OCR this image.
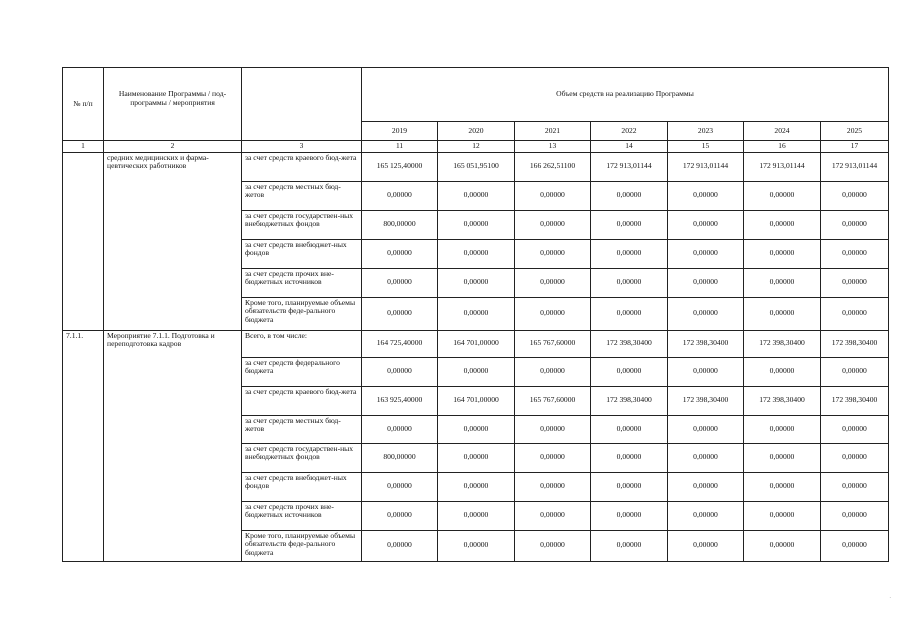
№ п/п	Наименование Программы / под-программы / мероприятия		Объем средств на реализацию Программы						
			2019	2020	2021	2022	2023	2024	2025
1	2	3	11	12	13	14	15	16	17
	средних медицинских и фарма-цевтических работников	за счет средств краевого бюд-жета	165 125,40000	165 051,95100	166 262,51100	172 913,01144	172 913,01144	172 913,01144	172 913,01144
		за счет средств местных бюд-жетов	0,00000	0,00000	0,00000	0,00000	0,00000	0,00000	0,00000
		за счет средств государствен-ных внебюджетных фондов	800,00000	0,00000	0,00000	0,00000	0,00000	0,00000	0,00000
		за счет средств внебюджет-ных фондов	0,00000	0,00000	0,00000	0,00000	0,00000	0,00000	0,00000
		за счет средств прочих вне-бюджетных источников	0,00000	0,00000	0,00000	0,00000	0,00000	0,00000	0,00000
		Кроме того, планируемые объемы обязательств феде-рального бюджета	0,00000	0,00000	0,00000	0,00000	0,00000	0,00000	0,00000
7.1.1.	Мероприятие 7.1.1. Подготовка и переподготовка кадров	Всего, в том числе:	164 725,40000	164 701,00000	165 767,60000	172 398,30400	172 398,30400	172 398,30400	172 398,30400
		за счет средств федерального бюджета	0,00000	0,00000	0,00000	0,00000	0,00000	0,00000	0,00000
		за счет средств краевого бюд-жета	163 925,40000	164 701,00000	165 767,60000	172 398,30400	172 398,30400	172 398,30400	172 398,30400
		за счет средств местных бюд-жетов	0,00000	0,00000	0,00000	0,00000	0,00000	0,00000	0,00000
		за счет средств государствен-ных внебюджетных фондов	800,00000	0,00000	0,00000	0,00000	0,00000	0,00000	0,00000
		за счет средств внебюджет-ных фондов	0,00000	0,00000	0,00000	0,00000	0,00000	0,00000	0,00000
		за счет средств прочих вне-бюджетных источников	0,00000	0,00000	0,00000	0,00000	0,00000	0,00000	0,00000
		Кроме того, планируемые объемы обязательств феде-рального бюджета	0,00000	0,00000	0,00000	0,00000	0,00000	0,00000	0,00000
.
